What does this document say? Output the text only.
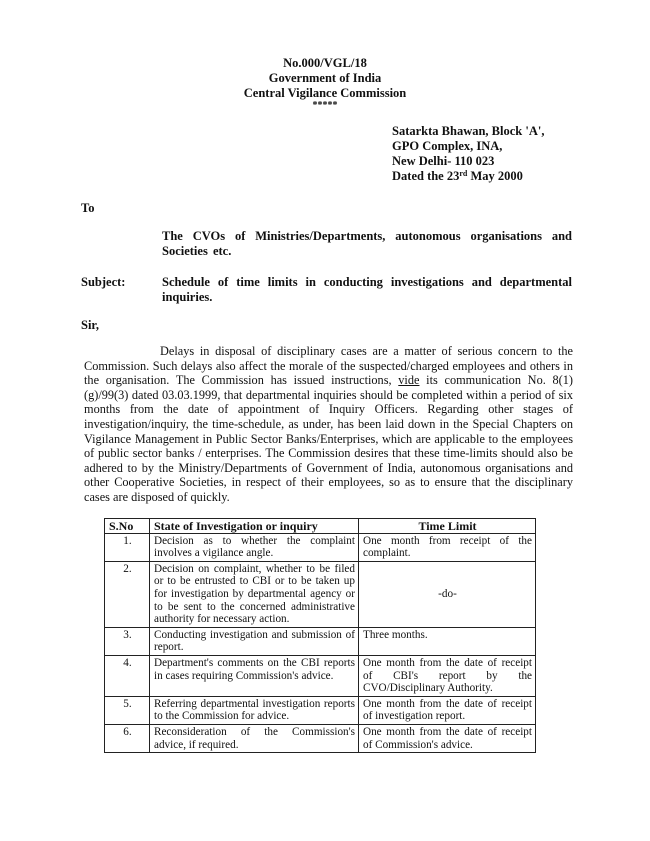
No.000/VGL/18
Government of India
Central Vigilance Commission
*****
Satarkta Bhawan, Block 'A',
GPO Complex, INA,
New Delhi- 110 023
Dated the 23rd May 2000
To
The CVOs of Ministries/Departments, autonomous organisations and Societies etc.
Subject:	Schedule of time limits in conducting investigations and departmental inquiries.
Sir,
Delays in disposal of disciplinary cases are a matter of serious concern to the Commission. Such delays also affect the morale of the suspected/charged employees and others in the organisation. The Commission has issued instructions, vide its communication No. 8(1)(g)/99(3) dated 03.03.1999, that departmental inquiries should be completed within a period of six months from the date of appointment of Inquiry Officers. Regarding other stages of investigation/inquiry, the time-schedule, as under, has been laid down in the Special Chapters on Vigilance Management in Public Sector Banks/Enterprises, which are applicable to the employees of public sector banks / enterprises. The Commission desires that these time-limits should also be adhered to by the Ministry/Departments of Government of India, autonomous organisations and other Cooperative Societies, in respect of their employees, so as to ensure that the disciplinary cases are disposed of quickly.
S.No	State of Investigation or inquiry	Time Limit
1.	Decision as to whether the complaint involves a vigilance angle.	One month from receipt of the complaint.
2.	Decision on complaint, whether to be filed or to be entrusted to CBI or to be taken up for investigation by departmental agency or to be sent to the concerned administrative authority for necessary action.	-do-
3.	Conducting investigation and submission of report.	Three months.
4.	Department's comments on the CBI reports in cases requiring Commission's advice.	One month from the date of receipt of CBI's report by the CVO/Disciplinary Authority.
5.	Referring departmental investigation reports to the Commission for advice.	One month from the date of receipt of investigation report.
6.	Reconsideration of the Commission's advice, if required.	One month from the date of receipt of Commission's advice.
